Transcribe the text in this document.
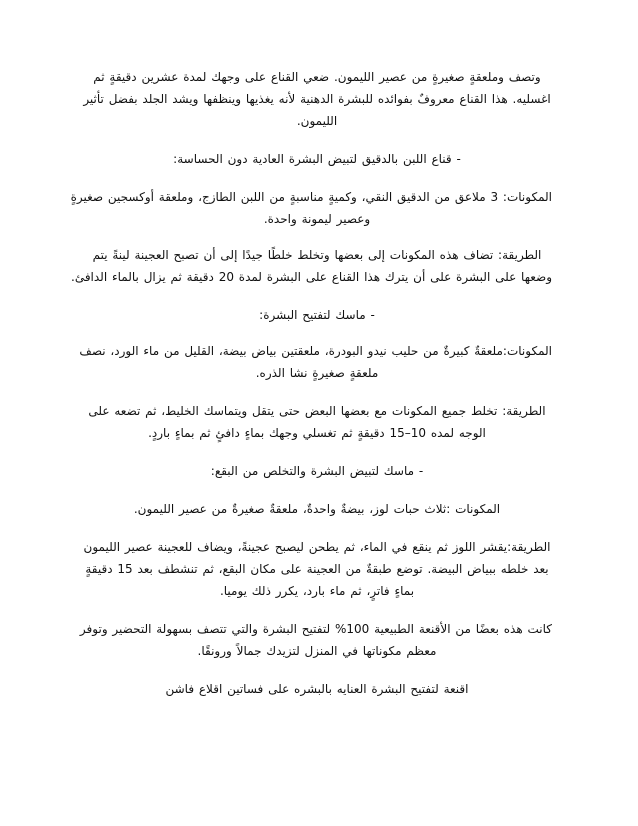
وتصف وملعقةٍ صغيرةٍ من عصير الليمون. ضعي القناع على وجهك لمدة عشرين دقيقةٍ ثم
اغسليه. هذا القناع معروفٌ بفوائده للبشرة الدهنية لأنه يغذيها وينظفها ويشد الجلد بفضل تأثير
الليمون.

- قناع اللبن بالدقيق لتبيض البشرة العادية دون الحساسة:

المكونات: 3 ملاعق من الدقيق النقي، وكميةٍ مناسبةٍ من اللبن الطازج، وملعقة أوكسجين صغيرةٍ
وعصير ليمونة واحدة.

الطريقة: تضاف هذه المكونات إلى بعضها وتخلط خلطًا جيدًا إلى أن تصبح العجينة لينةً يتم
وضعها على البشرة على أن يترك هذا القناع على البشرة لمدة 20 دقيقة ثم يزال بالماء الدافئ.

- ماسك لتفتيح البشرة:

المكونات:ملعقةٌ كبيرةٌ من حليب نيدو البودرة، ملعقتين بياض بيضة، القليل من ماء الورد، نصف
ملعقةٍ صغيرةٍ نشا الذره.

الطريقة: تخلط جميع المكونات مع بعضها البعض حتى يتقل ويتماسك الخليط، ثم تضعه على
الوجه لمده 10–15 دقيقةٍ ثم تغسلي وجهك بماءٍ دافئٍ ثم بماءٍ باردٍ.

- ماسك لتبيض البشرة والتخلص من البقع:

المكونات :ثلاث حبات لوز، بيضةٌ واحدةٌ، ملعقةٌ صغيرةٌ من عصير الليمون.

الطريقة:يقشر اللوز ثم ينقع في الماء، ثم يطحن ليصبح عجينةً، ويضاف للعجينة عصير الليمون
بعد خلطه ببياض البيضة. توضع طبقةٌ من العجينة على مكان البقع، ثم تنشطف بعد 15 دقيقةٍ
بماءٍ فاترٍ، ثم ماء بارد، يكرر ذلك يوميا.

كانت هذه بعضًا من الأقنعة الطبيعية 100% لتفتيح البشرة والتي تتصف بسهولة التحضير وتوفر
معظم مكوناتها في المنزل لتزيدك جمالاً ورونقًا.

اقنعة لتفتيح البشرة العنايه بالبشره على فساتين اقلاع فاشن
